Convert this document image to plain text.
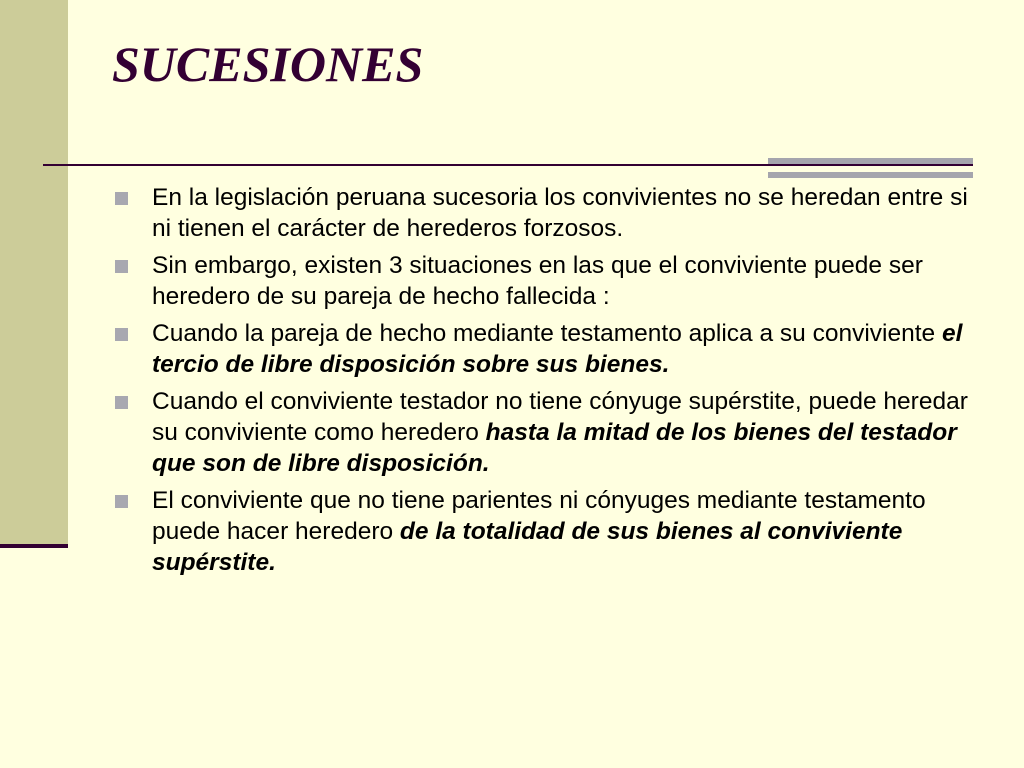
SUCESIONES
En la legislación peruana sucesoria los convivientes no se heredan entre si ni tienen el carácter de herederos forzosos.
Sin embargo, existen 3 situaciones en las que el conviviente puede ser heredero de su pareja de hecho fallecida :
Cuando la pareja de hecho mediante testamento aplica a su conviviente el tercio de libre disposición sobre sus bienes.
Cuando el conviviente testador no tiene cónyuge supérstite, puede heredar su conviviente como heredero hasta la mitad de los bienes del testador que son de libre disposición.
El conviviente que no tiene parientes ni cónyuges mediante testamento puede hacer heredero de la totalidad de sus bienes al conviviente supérstite.
